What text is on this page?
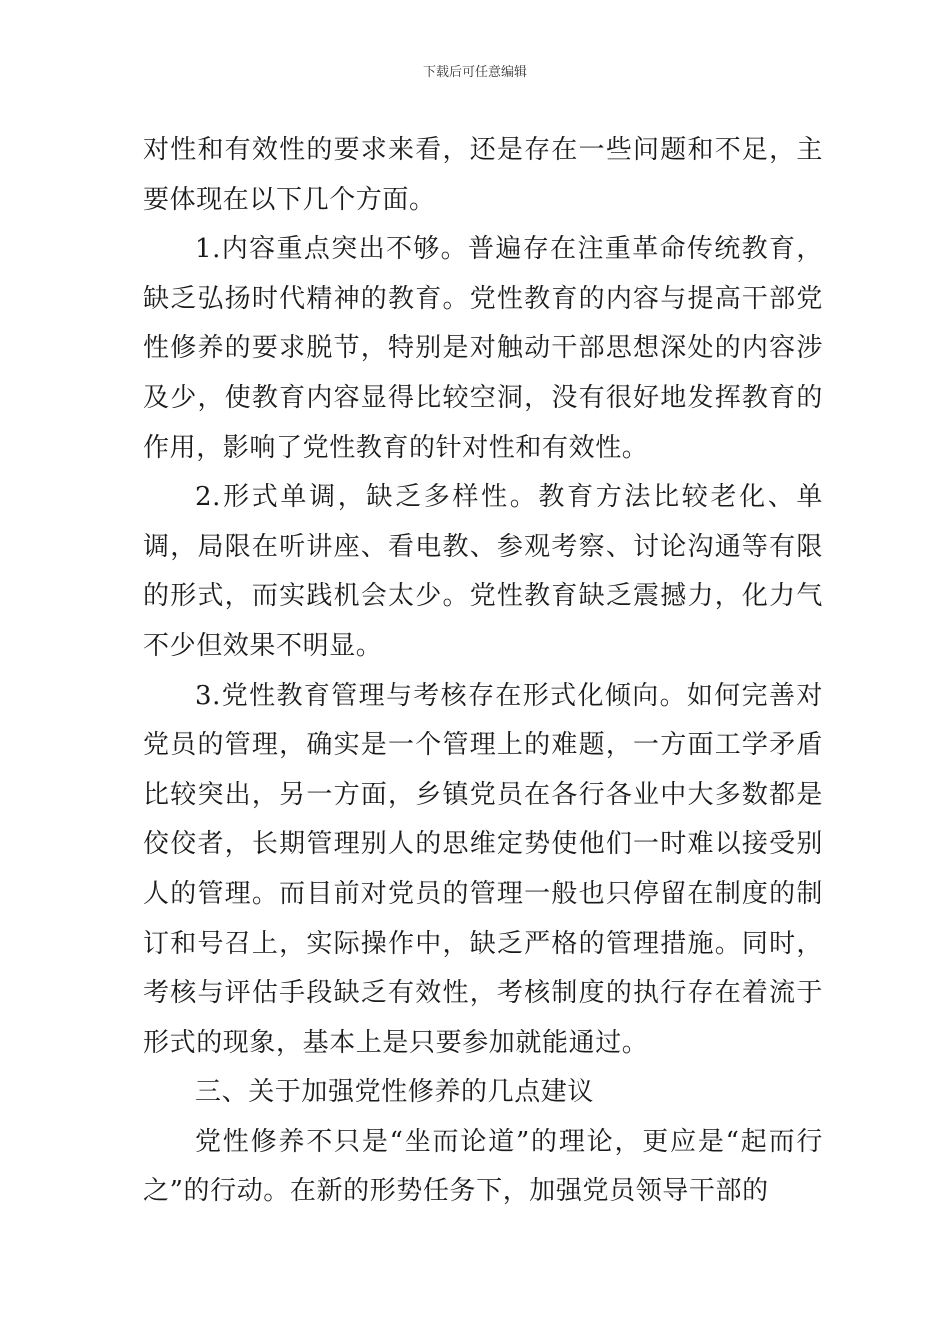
下载后可任意编辑

对性和有效性的要求来看，还是存在一些问题和不足，主要体现在以下几个方面。

1.内容重点突出不够。普遍存在注重革命传统教育，缺乏弘扬时代精神的教育。党性教育的内容与提高干部党性修养的要求脱节，特别是对触动干部思想深处的内容涉及少，使教育内容显得比较空洞，没有很好地发挥教育的作用，影响了党性教育的针对性和有效性。

2.形式单调，缺乏多样性。教育方法比较老化、单调，局限在听讲座、看电教、参观考察、讨论沟通等有限的形式，而实践机会太少。党性教育缺乏震撼力，化力气不少但效果不明显。

3.党性教育管理与考核存在形式化倾向。如何完善对党员的管理，确实是一个管理上的难题，一方面工学矛盾比较突出，另一方面，乡镇党员在各行各业中大多数都是佼佼者，长期管理别人的思维定势使他们一时难以接受别人的管理。而目前对党员的管理一般也只停留在制度的制订和号召上，实际操作中，缺乏严格的管理措施。同时，考核与评估手段缺乏有效性，考核制度的执行存在着流于形式的现象，基本上是只要参加就能通过。

三、关于加强党性修养的几点建议

党性修养不只是“坐而论道”的理论，更应是“起而行之”的行动。在新的形势任务下，加强党员领导干部的
